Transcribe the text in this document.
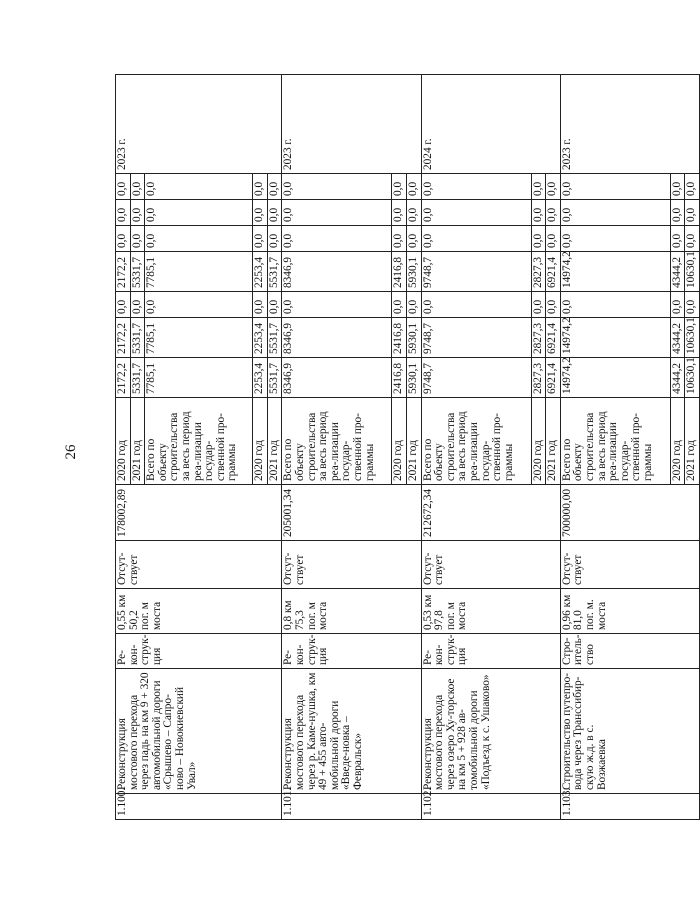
26
1.100.	Реконструкция мостового перехода через падь на км 9 + 320 автомобильной дороги «Срышево – Сапро-ново – Новокиевский Увал»	Ре-кон-струк-ция	0,55 км 50,2 пог. м моста	Отсут-ствует	178002,89	2020 год	2172,2	2172,2	0,0	2172,2	0,0	0,0	0,0	2023 г.
						2021 год	5331,7	5331,7	0,0	5331,7	0,0	0,0	0,0	
						Всего по объекту строительства за весь период реа-лизации государ-ственной про-граммы	7785,1	7785,1	0,0	7785,1	0,0	0,0	0,0	
						2020 год	2253,4	2253,4	0,0	2253,4	0,0	0,0	0,0	
						2021 год	5531,7	5531,7	0,0	5531,7	0,0	0,0	0,0	
1.101.	Реконструкция мостового перехода через р. Каме-нушка, км 49 + 455 авто-мобильной дороги «Введе-новка – Февральск»	Ре-кон-струк-ция	0,8 км 75,3 пог. м моста	Отсут-ствует	205001,34	Всего по объекту строительства за весь период реа-лизации государ-ственной про-граммы	8346,9	8346,9	0,0	8346,9	0,0	0,0	0,0	2023 г.
						2020 год	2416,8	2416,8	0,0	2416,8	0,0	0,0	0,0	
						2021 год	5930,1	5930,1	0,0	5930,1	0,0	0,0	0,0	
1.102.	Реконструкция мостового перехода через озеро Ху-торское на км 5 + 928 ав-томобильной дороги «Подъезд к с. Ушаково»	Ре-кон-струк-ция	0,53 км 97,8 пог. м моста	Отсут-ствует	212672,34	Всего по объекту строительства за весь период реа-лизации государ-ственной про-граммы	9748,7	9748,7	0,0	9748,7	0,0	0,0	0,0	2024 г.
						2020 год	2827,3	2827,3	0,0	2827,3	0,0	0,0	0,0	
						2021 год	6921,4	6921,4	0,0	6921,4	0,0	0,0	0,0	
1.103.	Строительство путепро-вода через Транссибир-скую ж.д. в с. Возжаевка	Стро-итель-ство	0,96 км 81,0 пог. м. моста	Отсут-ствует	700000,00	Всего по объекту строительства за весь период реа-лизации государ-ственной про-граммы	14974,2	14974,2	0,0	14974,2	0,0	0,0	0,0	2023 г.
						2020 год	4344,2	4344,2	0,0	4344,2	0,0	0,0	0,0	
						2021 год	10630,1	10630,1	0,0	10630,1	0,0	0,0	0,0	
